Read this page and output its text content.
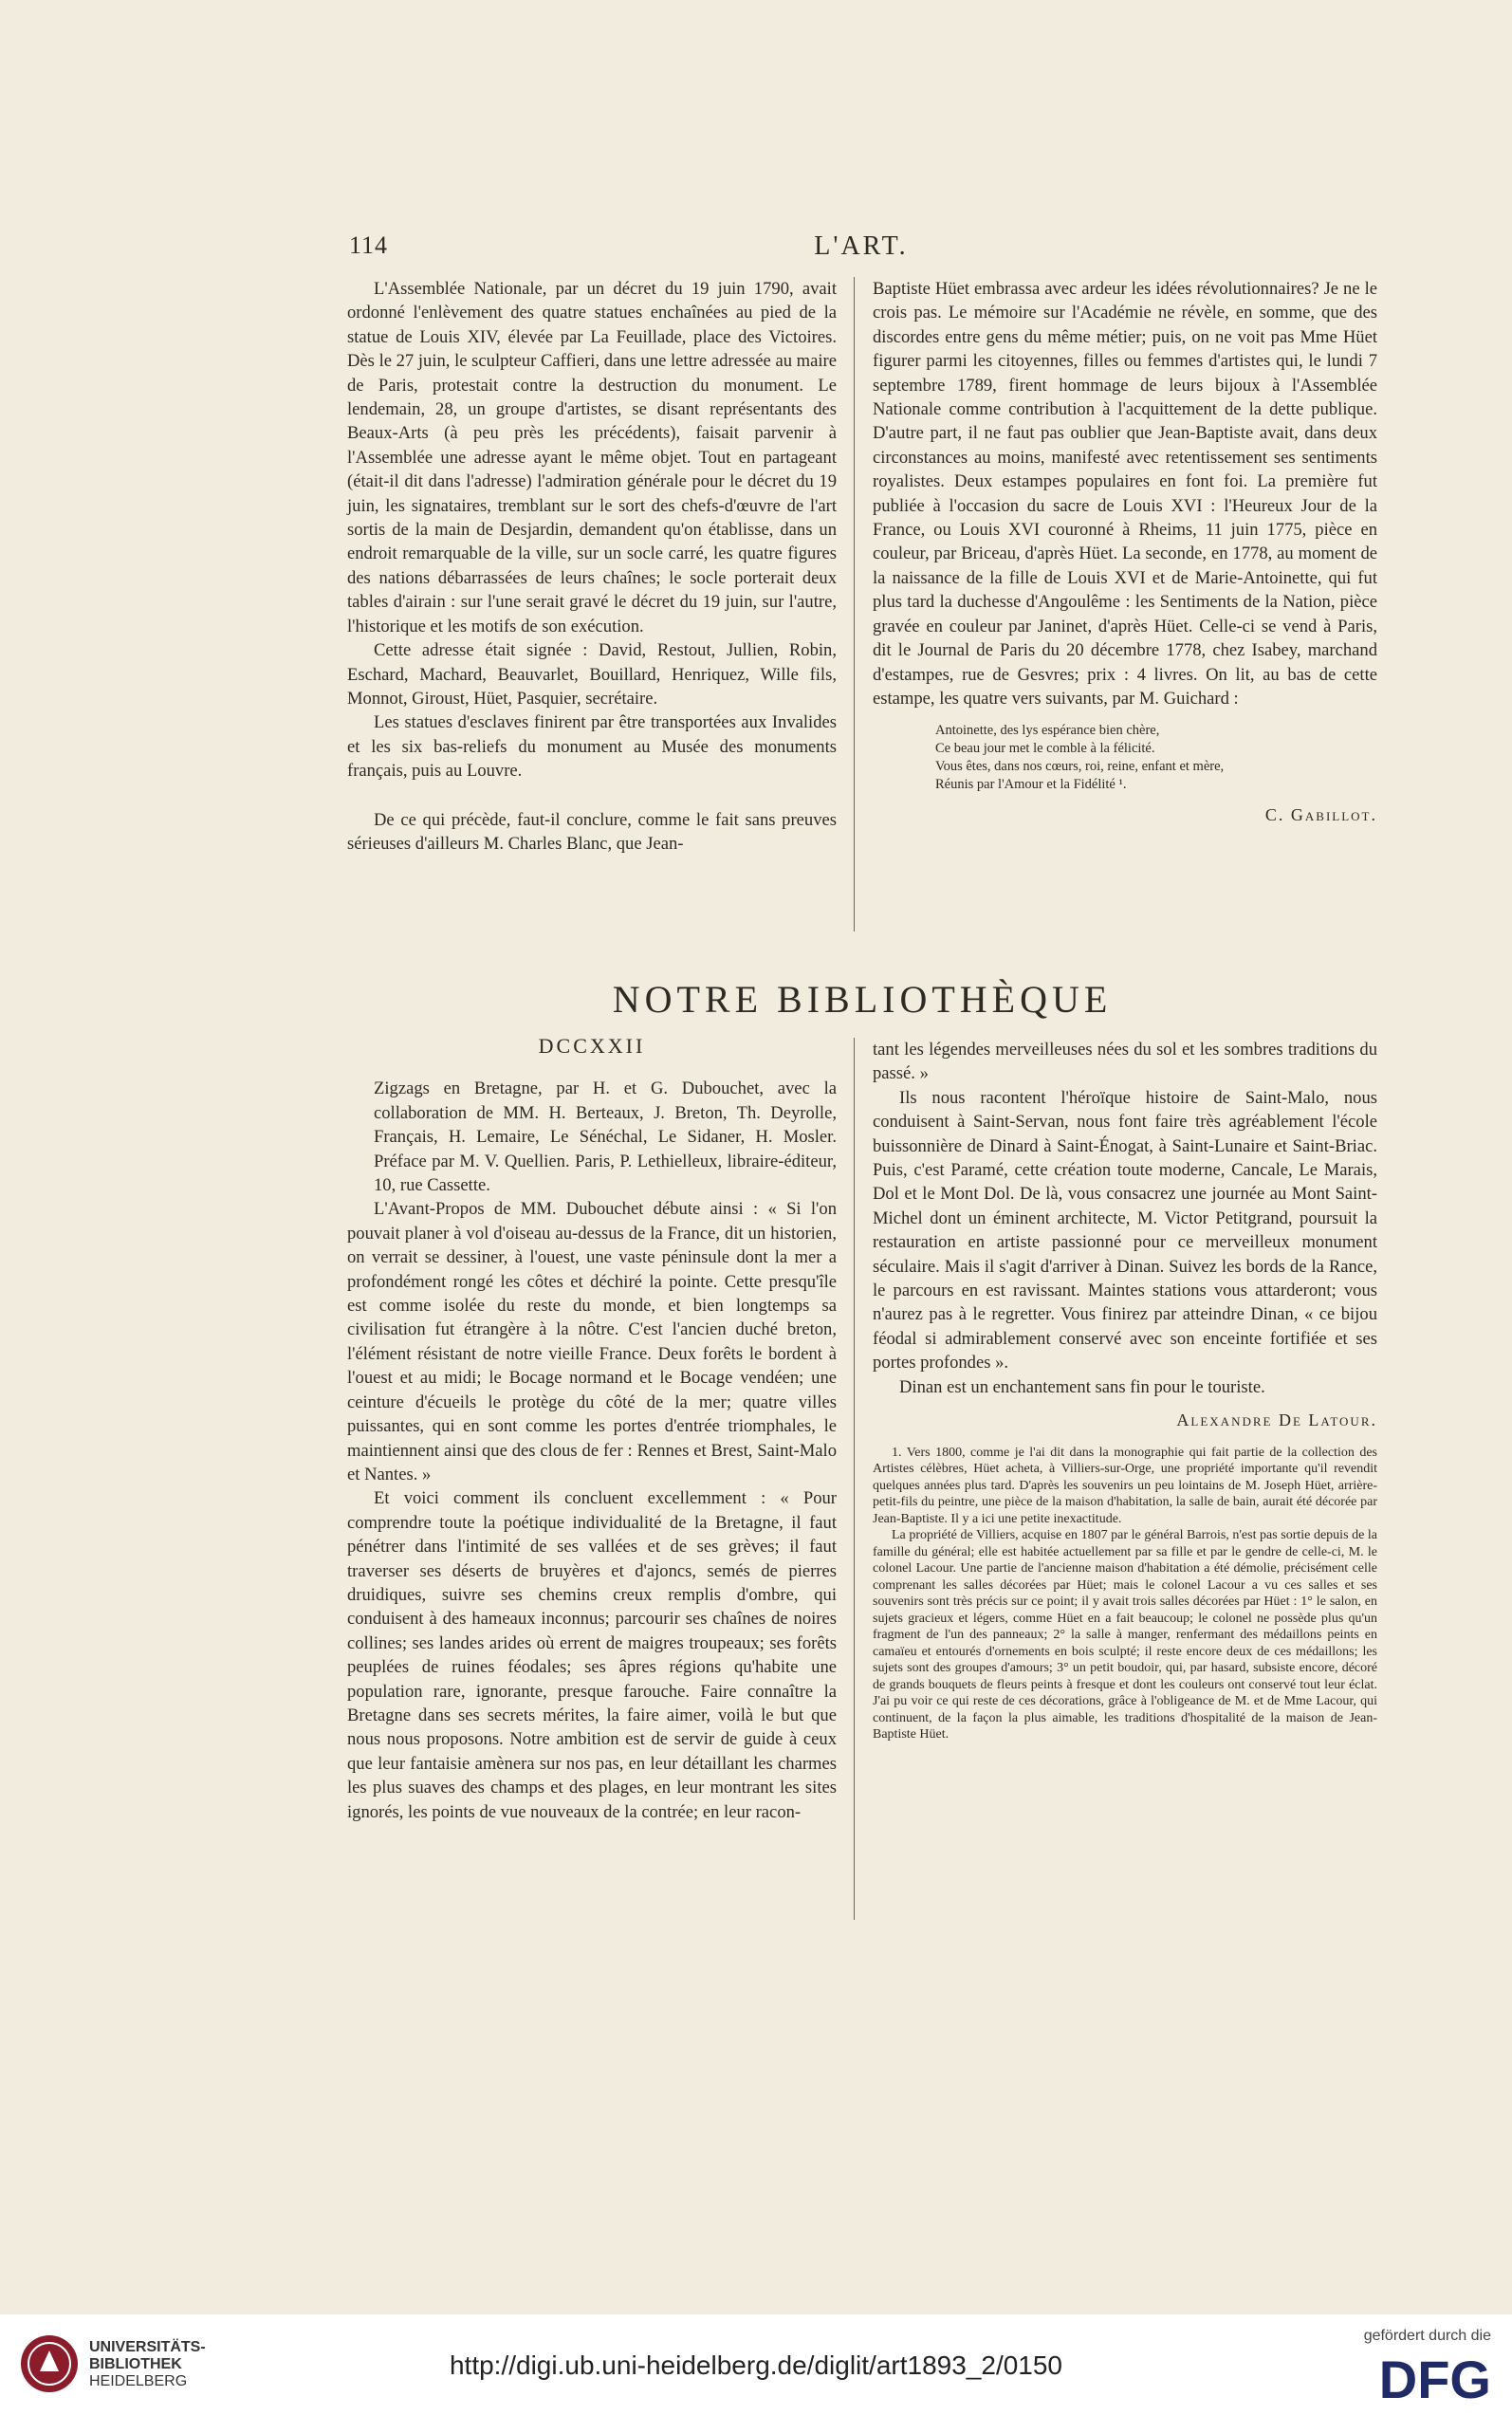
114	L'ART.

L'Assemblée Nationale, par un décret du 19 juin 1790, avait ordonné l'enlèvement des quatre statues enchaînées au pied de la statue de Louis XIV, élevée par La Feuillade, place des Victoires. Dès le 27 juin, le sculpteur Caffieri, dans une lettre adressée au maire de Paris, protestait contre la destruction du monument. Le lendemain, 28, un groupe d'artistes, se disant représentants des Beaux-Arts (à peu près les précédents), faisait parvenir à l'Assemblée une adresse ayant le même objet. Tout en partageant (était-il dit dans l'adresse) l'admiration générale pour le décret du 19 juin, les signataires, tremblant sur le sort des chefs-d'œuvre de l'art sortis de la main de Desjardin, demandent qu'on établisse, dans un endroit remarquable de la ville, sur un socle carré, les quatre figures des nations débarrassées de leurs chaînes; le socle porterait deux tables d'airain : sur l'une serait gravé le décret du 19 juin, sur l'autre, l'historique et les motifs de son exécution.

Cette adresse était signée : David, Restout, Jullien, Robin, Eschard, Machard, Beauvarlet, Bouillard, Henriquez, Wille fils, Monnot, Giroust, Hüet, Pasquier, secrétaire.

Les statues d'esclaves finirent par être transportées aux Invalides et les six bas-reliefs du monument au Musée des monuments français, puis au Louvre.

De ce qui précède, faut-il conclure, comme le fait sans preuves sérieuses d'ailleurs M. Charles Blanc, que Jean-

Baptiste Hüet embrassa avec ardeur les idées révolutionnaires? Je ne le crois pas. Le mémoire sur l'Académie ne révèle, en somme, que des discordes entre gens du même métier; puis, on ne voit pas Mme Hüet figurer parmi les citoyennes, filles ou femmes d'artistes qui, le lundi 7 septembre 1789, firent hommage de leurs bijoux à l'Assemblée Nationale comme contribution à l'acquittement de la dette publique. D'autre part, il ne faut pas oublier que Jean-Baptiste avait, dans deux circonstances au moins, manifesté avec retentissement ses sentiments royalistes. Deux estampes populaires en font foi. La première fut publiée à l'occasion du sacre de Louis XVI : l'Heureux Jour de la France, ou Louis XVI couronné à Rheims, 11 juin 1775, pièce en couleur, par Briceau, d'après Hüet. La seconde, en 1778, au moment de la naissance de la fille de Louis XVI et de Marie-Antoinette, qui fut plus tard la duchesse d'Angoulême : les Sentiments de la Nation, pièce gravée en couleur par Janinet, d'après Hüet. Celle-ci se vend à Paris, dit le Journal de Paris du 20 décembre 1778, chez Isabey, marchand d'estampes, rue de Gesvres; prix : 4 livres. On lit, au bas de cette estampe, les quatre vers suivants, par M. Guichard :

Antoinette, des lys espérance bien chère,
Ce beau jour met le comble à la félicité.
Vous êtes, dans nos cœurs, roi, reine, enfant et mère,
Réunis par l'Amour et la Fidélité ¹.
C. Gabillot.
NOTRE BIBLIOTHÈQUE
DCCXXII

Zigzags en Bretagne, par H. et G. Dubouchet, avec la collaboration de MM. H. Berteaux, J. Breton, Th. Deyrolle, Français, H. Lemaire, Le Sénéchal, Le Sidaner, H. Mosler. Préface par M. V. Quellien. Paris, P. Lethielleux, libraire-éditeur, 10, rue Cassette.

L'Avant-Propos de MM. Dubouchet débute ainsi : « Si l'on pouvait planer à vol d'oiseau au-dessus de la France, dit un historien, on verrait se dessiner, à l'ouest, une vaste péninsule dont la mer a profondément rongé les côtes et déchiré la pointe. Cette presqu'île est comme isolée du reste du monde, et bien longtemps sa civilisation fut étrangère à la nôtre. C'est l'ancien duché breton, l'élément résistant de notre vieille France. Deux forêts le bordent à l'ouest et au midi; le Bocage normand et le Bocage vendéen; une ceinture d'écueils le protège du côté de la mer; quatre villes puissantes, qui en sont comme les portes d'entrée triomphales, le maintiennent ainsi que des clous de fer : Rennes et Brest, Saint-Malo et Nantes. »

Et voici comment ils concluent excellemment : « Pour comprendre toute la poétique individualité de la Bretagne, il faut pénétrer dans l'intimité de ses vallées et de ses grèves; il faut traverser ses déserts de bruyères et d'ajoncs, semés de pierres druidiques, suivre ses chemins creux remplis d'ombre, qui conduisent à des hameaux inconnus; parcourir ses chaînes de noires collines; ses landes arides où errent de maigres troupeaux; ses forêts peuplées de ruines féodales; ses âpres régions qu'habite une population rare, ignorante, presque farouche. Faire connaître la Bretagne dans ses secrets mérites, la faire aimer, voilà le but que nous nous proposons. Notre ambition est de servir de guide à ceux que leur fantaisie amènera sur nos pas, en leur détaillant les charmes les plus suaves des champs et des plages, en leur montrant les sites ignorés, les points de vue nouveaux de la contrée; en leur racon-

tant les légendes merveilleuses nées du sol et les sombres traditions du passé. »

Ils nous racontent l'héroïque histoire de Saint-Malo, nous conduisent à Saint-Servan, nous font faire très agréablement l'école buissonnière de Dinard à Saint-Énogat, à Saint-Lunaire et Saint-Briac. Puis, c'est Paramé, cette création toute moderne, Cancale, Le Marais, Dol et le Mont Dol. De là, vous consacrez une journée au Mont Saint-Michel dont un éminent architecte, M. Victor Petitgrand, poursuit la restauration en artiste passionné pour ce merveilleux monument séculaire. Mais il s'agit d'arriver à Dinan. Suivez les bords de la Rance, le parcours en est ravissant. Maintes stations vous attarderont; vous n'aurez pas à le regretter. Vous finirez par atteindre Dinan, « ce bijou féodal si admirablement conservé avec son enceinte fortifiée et ses portes profondes ».

Dinan est un enchantement sans fin pour le touriste.

Alexandre De Latour.

1. Vers 1800, comme je l'ai dit dans la monographie qui fait partie de la collection des Artistes célèbres, Hüet acheta, à Villiers-sur-Orge, une propriété importante qu'il revendit quelques années plus tard. D'après les souvenirs un peu lointains de M. Joseph Hüet, arrière-petit-fils du peintre, une pièce de la maison d'habitation, la salle de bain, aurait été décorée par Jean-Baptiste. Il y a ici une petite inexactitude.

La propriété de Villiers, acquise en 1807 par le général Barrois, n'est pas sortie depuis de la famille du général; elle est habitée actuellement par sa fille et par le gendre de celle-ci, M. le colonel Lacour. Une partie de l'ancienne maison d'habitation a été démolie, précisément celle comprenant les salles décorées par Hüet; mais le colonel Lacour a vu ces salles et ses souvenirs sont très précis sur ce point; il y avait trois salles décorées par Hüet : 1° le salon, en sujets gracieux et légers, comme Hüet en a fait beaucoup; le colonel ne possède plus qu'un fragment de l'un des panneaux; 2° la salle à manger, renfermant des médaillons peints en camaïeu et entourés d'ornements en bois sculpté; il reste encore deux de ces médaillons; les sujets sont des groupes d'amours; 3° un petit boudoir, qui, par hasard, subsiste encore, décoré de grands bouquets de fleurs peints à fresque et dont les couleurs ont conservé tout leur éclat. J'ai pu voir ce qui reste de ces décorations, grâce à l'obligeance de M. et de Mme Lacour, qui continuent, de la façon la plus aimable, les traditions d'hospitalité de la maison de Jean-Baptiste Hüet.

UNIVERSITÄTS-
BIBLIOTHEK
HEIDELBERG
http://digi.ub.uni-heidelberg.de/diglit/art1893_2/0150
gefördert durch die
DFG
